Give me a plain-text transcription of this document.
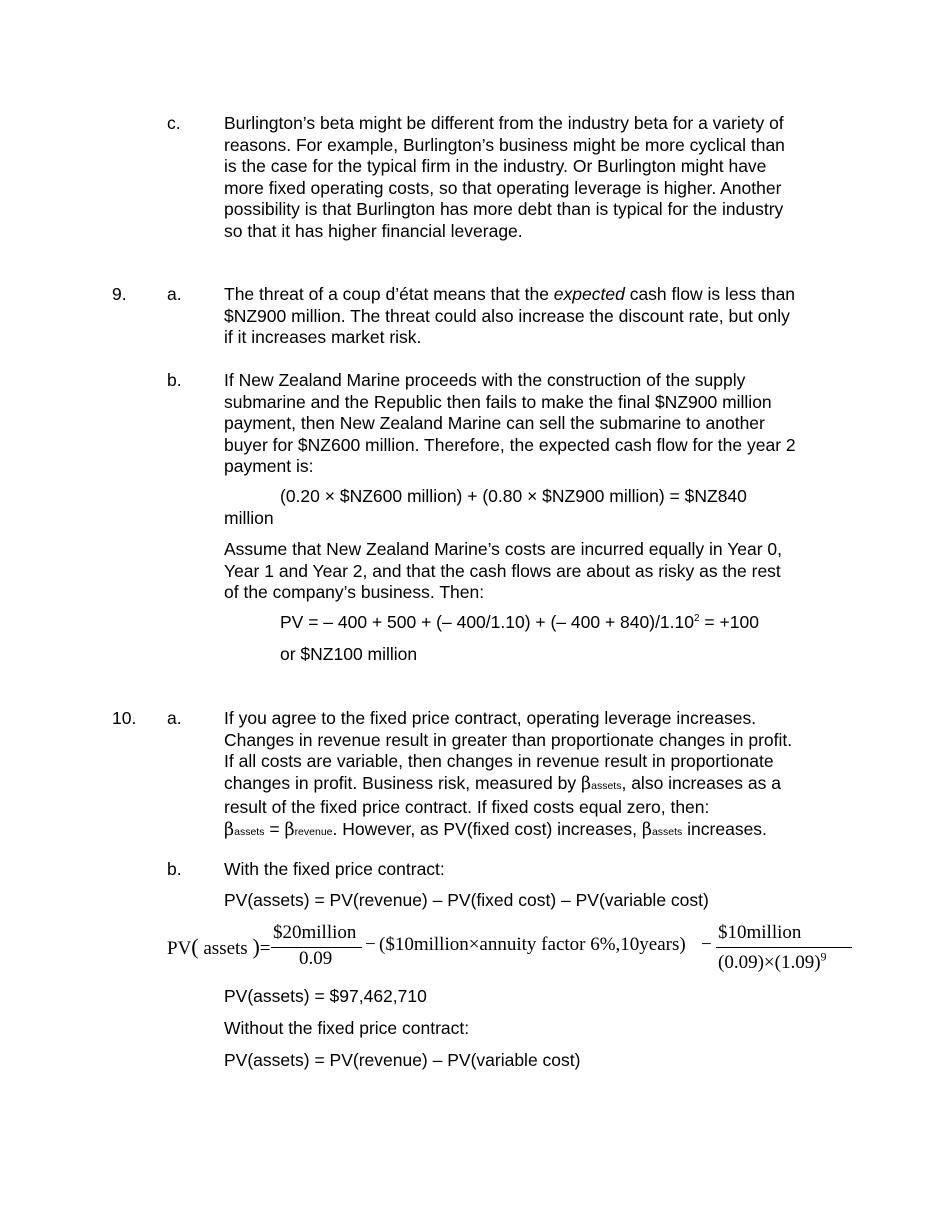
c. Burlington’s beta might be different from the industry beta for a variety of
reasons. For example, Burlington’s business might be more cyclical than
is the case for the typical firm in the industry. Or Burlington might have
more fixed operating costs, so that operating leverage is higher. Another
possibility is that Burlington has more debt than is typical for the industry
so that it has higher financial leverage.
9. a. The threat of a coup d’état means that the expected cash flow is less than
$NZ900 million. The threat could also increase the discount rate, but only
if it increases market risk.
b. If New Zealand Marine proceeds with the construction of the supply
submarine and the Republic then fails to make the final $NZ900 million
payment, then New Zealand Marine can sell the submarine to another
buyer for $NZ600 million. Therefore, the expected cash flow for the year 2
payment is:
(0.20 × $NZ600 million) + (0.80 × $NZ900 million) = $NZ840
million
Assume that New Zealand Marine’s costs are incurred equally in Year 0,
Year 1 and Year 2, and that the cash flows are about as risky as the rest
of the company’s business. Then:
PV = – 400 + 500 + (– 400/1.10) + (– $400 + 840)/1.10^2 = +100$
or $NZ100 million
10. a. If you agree to the fixed price contract, operating leverage increases.
Changes in revenue result in greater than proportionate changes in profit.
If all costs are variable, then changes in revenue result in proportionate
changes in profit. Business risk, measured by βassets, also increases as a
result of the fixed price contract. If fixed costs equal zero, then:
βassets = βrevenue. However, as PV(fixed cost) increases, βassets increases.
b. With the fixed price contract:
PV(assets) = PV(revenue) – PV(fixed cost) – PV(variable cost)
PV( assets )=
$20million
0.09
− ($10million×annuity factor 6%,10years) −
$10million
$(0.09)\times(1.09)^9$
PV(assets) = $97,462,710
Without the fixed price contract:
PV(assets) = PV(revenue) – PV(variable cost)
